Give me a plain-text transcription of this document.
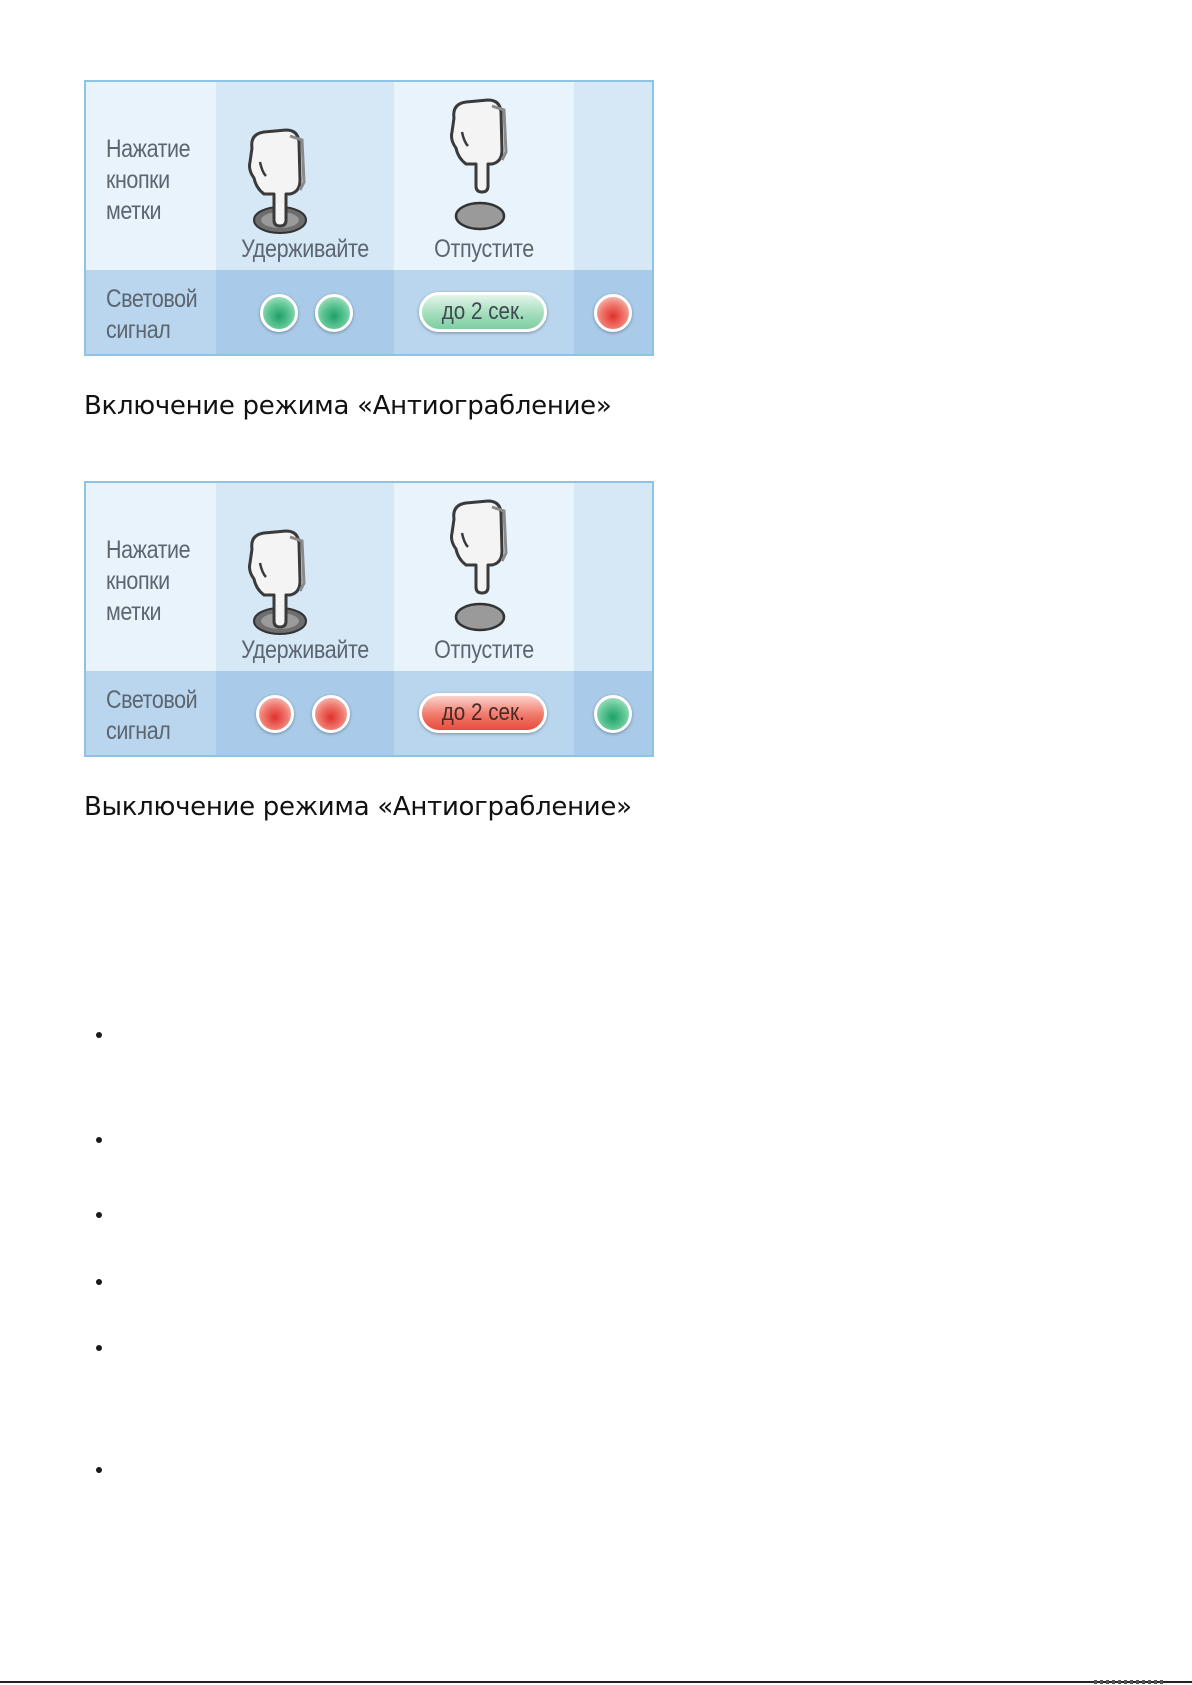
Нажатие
кнопки
метки
Световой
сигнал
Удерживайте	Отпустите
до 2 сек.
Включение режима «Антиограбление»
Нажатие
кнопки
метки
Световой
сигнал
Удерживайте	Отпустите
до 2 сек.
Выключение режима «Антиограбление»
